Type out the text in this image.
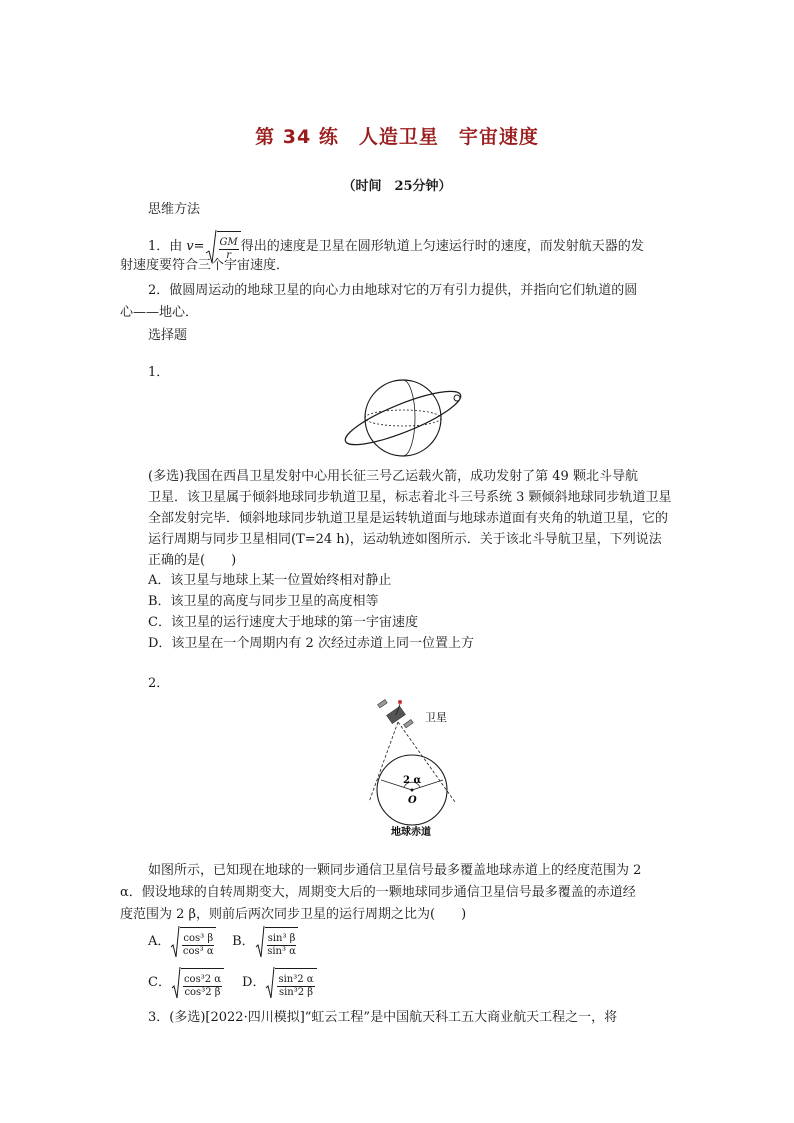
第 34 练　人造卫星　宇宙速度
（时间　25分钟）
思维方法
1．由 $v= \frac{GM}{r}$ 得出的速度是卫星在圆形轨道上匀速运行时的速度，而发射航天器的发
射速度要符合三个宇宙速度．
2．做圆周运动的地球卫星的向心力由地球对它的万有引力提供，并指向它们轨道的圆
心——地心．
选择题
1．
(多选)我国在西昌卫星发射中心用长征三号乙运载火箭，成功发射了第 49 颗北斗导航
卫星．该卫星属于倾斜地球同步轨道卫星，标志着北斗三号系统 3 颗倾斜地球同步轨道卫星
全部发射完毕．倾斜地球同步轨道卫星是运转轨道面与地球赤道面有夹角的轨道卫星，它的
运行周期与同步卫星相同(T=24 h)，运动轨迹如图所示．关于该北斗导航卫星，下列说法
正确的是(　　)
A．该卫星与地球上某一位置始终相对静止
B．该卫星的高度与同步卫星的高度相等
C．该卫星的运行速度大于地球的第一宇宙速度
D．该卫星在一个周期内有 2 次经过赤道上同一位置上方
2．
卫星
2 α
O
地球赤道
如图所示，已知现在地球的一颗同步通信卫星信号最多覆盖地球赤道上的经度范围为 2
α．假设地球的自转周期变大，周期变大后的一颗地球同步通信卫星信号最多覆盖的赤道经
度范围为 2 β，则前后两次同步卫星的运行周期之比为(　　)
A． $\frac{\text{cos³ β}}{\text{cos³ α}}$ B． $\frac{\text{sin³ β}}{\text{sin³ α}}$
C． $\frac{\text{cos³2 α}}{\text{cos³2 β}}$ D． $\frac{\text{sin³2 α}}{\text{sin³2 β}}$
3．(多选)[2022·四川模拟]“虹云工程”是中国航天科工五大商业航天工程之一，将
